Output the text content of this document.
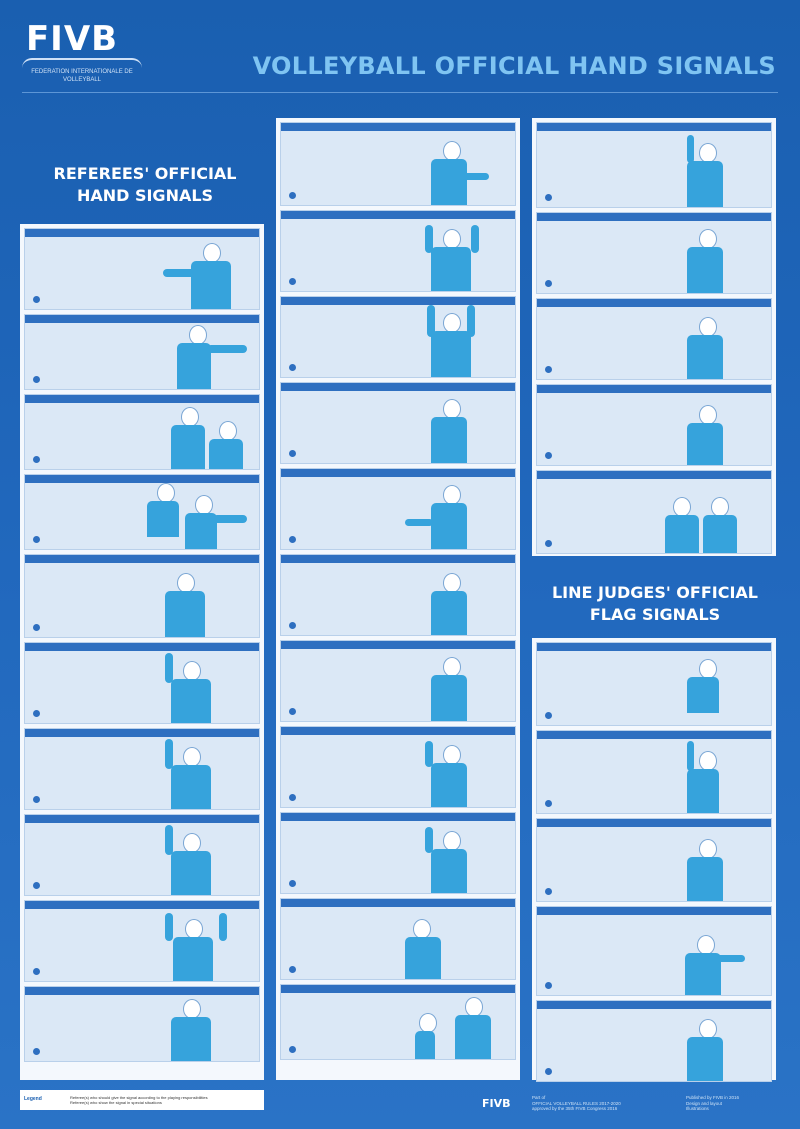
FIVB
FEDERATION INTERNATIONALE DE VOLLEYBALL	VOLLEYBALL OFFICIAL HAND SIGNALS
REFEREES' OFFICIAL
HAND SIGNALS
LINE JUDGES' OFFICIAL
FLAG SIGNALS
Legend	Referee(s) who should give the signal according to the playing responsibilities
Referee(s) who show the signal in special situations	FIVB	Part of
OFFICIAL VOLLEYBALL RULES 2017-2020
approved by the 35th FIVB Congress 2016
Published by FIVB in 2016
Design and layout
Illustrations
